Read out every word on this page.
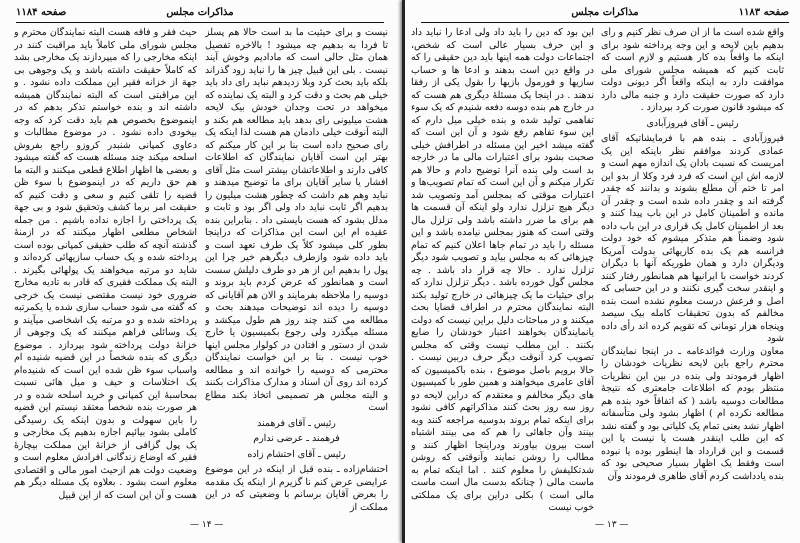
مذاکرات مجلس
صفحه ۱۱۸۴

نیست و برای حیثیت ما بد است حالا هم پسلز تا فردا به بدهیم چه میشود ! بالاخره تفصیل همان مثل حالی است که مادادیم وخوش آیند نیست . بلی این قبیل چیز ها را نباید زود گذراند بلکه باید بحث کرد وبلا زدیدهم نباید رای داد باید خیلی هم بحث و دقت کرد و البته یک نماینده که میخواهد در تحت وجدان خودش بیک لایحه هشت میلیونی رای بدهد باید مطالعه هم بکند و البته آنوقت خیلی دادمان هم هست لذا اینکه یک رای صحیح داده است بنا بر این کار میکنم که بهتر این است آقایان نمایندگان که اطلاعات کافی دارند و اطلاعاتشان بیشتر است مثل آقای افشار یا سایر آقایان برای ما توضیح میدهند و نباید وهم هم داشت که چطور هشت میلیون را بدهیم اگر ثابت نباید داد ولی اگر بود و ثابت و مدلل بشود که هست بایستی داد . بنابراین بنده عقیده ام این است این مذاکرات که دراینجا بطور کلی میشود کلاً یک طرف تعهد است و باید داده شود وازطرف دیگرهم خیر چرا این پول را بدهیم این از هر دو طرف دلیلش سست است و همانطور که عرض کردم باید بروند و دوسیه را ملاحظه بفرمایند و الان هم آقایانی که دوسیه را دیده اند توضیحات میدهند بحث و مطالعه می کنند چند روز هم طول میکشد و مسئله میگذرد ولی رجوع بکمیسیون یا خارج شدن از دستور و افتادن در کولوار مجلس اینها خوب نیست . بنا بر این خواست نمایندگان محترمی که دوسیه را خوانده اند و مطالعه کرده اند روی آن اسناد و مدارک مذاکرات بکنند و البته مجلس هر تصمیمی اتخاذ بکند مطاع است

رئیس ـ آقای فرهمند

فرهمند ـ عرضی ندارم

رئیس ـ آقای احتشام زاده

احتشام‌زاده ـ بنده قبل از اینکه در این موضوع عرایضی عرض کنم نا گزیرم از اینکه یک مقدمه را بعرض آقایان برسانم با وضعیتی که در این مملکت از

حیث فقر و فاقه هست البته نمایندگان محترم و مجلس شورای ملی کاملاً باید مراقبت کنند در اینکه مخارجی را که میپردازند یک مخارجی بشد که کاملاً حقیقت داشته باشد و یک وجوهی بی جهة از خزانه فقیر این مملکت داده نشود . و این مراقبتی است که البته نمایندگان همیشه داشته اند و بنده خواستم تذکر بدهم که در اینموضوع بخصوص هم باید دقت کرد که وجه بیخودی داده نشود . در موضوع مطالبات و دعاوی کمپانی شنبدر کروزو راجع بفروش اسلحه میکند چند مسئله هست که گفته میشود و بعضی ها اظهار اطلاع قطعی میکنند و البته ما هم حق داریم که در اینموضوع با سوء ظن قضیه را تلقی کنیم و سعی و دقت کنیم که حقیقت امر برما کشف وتحقیق شود و بی جهة یک پرداختی را اجازه نداده باشیم . من جمله اشخاص مطلعی اظهار میکنند که در ازمنهٔ گذشته آنچه که طلب حقیقی کمپانی بوده است پرداخته شده و یک حساب سازیهائی کرده‌اند و شاید دو مرتبه میخواهند یک پولهائی بگیرند . البته یک مملکت فقیری که قادر به تادیه مخارج ضروری خود نیست مقتضی نیست یک خرجی که گفته می شود حساب سازی شده یا یکمرتبه پرداخته شده و دو مرتبه یک اشخاصی میآیند و یک وسائلی فراهم میکنند که یک وجوهی از خزانهٔ دولت پرداخته شود بپردازد . موضوع دیگری که بنده شخصاً در این قضیه شنیده ام واسباب سوء ظن شده این است که شنیده‌ام یک اختلاسات و حیف و میل هائی نسبت بمحاسبهٔ این کمپانی و خرید اسلحه شده و در هر صورت بنده شخصاً معتقد نیستم این قضیه را باین سهولت و بدون اینکه یک رسیدگی کاملی بشود بیائیم اجازه بدهیم یک مخارجی و یک پول گزافی از خزانهٔ این مملکت بیچارهٔ فقیر که اوضاع زندگانی افرادش معلوم است و وضعیت دولت هم ازحیث امور مالی و اقتصادی معلوم است بشود . بعلاوه یک مسئله دیگر هم هست و آن این است که از این قبیل

— ۱۴ —
مذاکرات مجلس	صفحه ۱۱۸۳

واقع شده است ما از آن صرف نظر کنیم و رأی بدهیم باین لایحه و این وجه پرداخته شود برای اینکه ما واقعاً بده کار هستیم و لازم است که ثابت کنیم که همیشه مجلس شورای ملی موافقت دارد به اینکه واقعاً اگر دیونی دولت دارد که صورت حقیقت دارد و جنبه مالی دارد که میشود قانون صورت کرد بپردازد .

رئیس ـ آقای فیروزآبادی

فیروزآبادی ـ بنده هم با فرمایشاتیکه آقای عمادی کردند موافقم نظر باینکه این یک امریست که نسبت بادان یک اندازه مهم است و لازمه اش این است که فرد فرد وکلا از بدو این امر تا ختم آن مطلع بشوند و بدانند که چقدر گرفته اند و چقدر داده شده است و چقدر آن مانده و اطمینان کامل در این باب پیدا کنند و بعد از اطمینان کامل یک قراری در این باب داده شود وضمناً هم متذکر میشوم که خود دولت فرانسه هم یک بده کاریهائی بدولت آمریکا ودیگران دارد و همان طوریکه آنها با دیگران کردند خواست با ایرانیها هم همانطور رفتار کنند و اینقدر سخت گیری نکنند و در این حسابی که اصل و فرعش درست معلوم نشده است بنده مخالفم که بدون تحقیقات کامله بیک سیصد وپنجاه هزار تومانی که تقویم کرده اند رأی داده شود

معاون وزارت فوائدعامه ـ در اینجا نمایندگان محترم راجع باین لایحه نظریات خودشان را اظهار فرمودند ولی بنده در بین این نظریات منتظر بودم که اطلاعات جامعتری که نتیجهٔ مطالعات دوسیه باشد ( که اتفاقاً خود بنده هم مطالعه نکرده ام ) اظهار بشود ولی متأسفانه اظهار نشد یعنی تمام یک کلیاتی بود و گفته نشد که این طلب اینقدر هست یا نیست یا این قسمت و این قرارداد ها اینطور بوده یا نبوده است وفقط یک اظهار بسیار صحیحی بود که بنده یادداشت کردم آقای طاهری فرمودند وآن

این بود که دین را باید داد ولی ادعا را نباید داد و این حرف بسیار عالی است که شخص، اجتماعات دولت همه اینها باید دین حقیقی را که در واقع دین است بدهند و ادعا ها و حساب سازیها و فورمول بازیها را بقول یکی از رفقا ندهند . در اینجا یک مسئلهٔ دیگری هم هست که در خارج هم بنده دوسه دفعه شنیدم که یک سوء تفاهمی تولید شده و بنده خیلی میل دارم که این سوء تفاهم رفع شود و آن این است که گفته میشد اخیر این مسئله در اطرافش خیلی صحبت بشود برای اعتبارات مالی ما در خارجه بد است ولی بنده آنرا توضیح دادم و حالا هم تکرار میکنم و آن این است که تمام تصویب‌ها و اعتبارات موقتی که بمجلس آمد وتصویب شد دیگر هیچ تزلزل ندارد ولو اینکه آن قسمت ها هم برای ما ضرر داشته باشد ولی تزلزل مال وقتی است که هنوز بمجلس نیامده باشد و این مسئله را باید در تمام جاها اعلان کنیم که تمام چیزهائی که به مجلس بیاید و تصویب شود دیگر تزلزل ندارد . حالا چه قرار داد باشد . چه مجلس گول خورده باشد . دیگر تزلزل ندارد که برای حیثیات ما یک چیزهائی در خارج تولید بکند البته نمایندگان محترم در اطراف قضایا بحث میکنند و در مباحثات دلیل براین نیست که دولت یانمایندگان بخواهند اعتبار خودشان را ضایع بکنند . این مطلب نیست وقتی که مجلس تصویب کرد آنوقت دیگر حرف دربین نیست . حالا برویم باصل موضوع ، بنده باکمیسیون که آقای عامری میخواهند و همین طور با کمیسیون های دیگر مخالفم و معتقدم که دراین لایحه دو روز سه روز بحث کنند مذاکراتهم کافی نشود برای اینکه تمام بروند بدوسیه مراجعه کنند وبه بینند وآن جاهائی را هم که می بینند اشتباه است بیرون بیاورند ودراینجا اظهار کنند و مطالب را روشن نمایند وآنوقتی که روشن شدتکلیفش را معلوم کنند . اما اینکه تمام به ماست مالی ( چنانکه بدست مال است ماست مالی است ) بکلی دراین برای یک مملکتی خوب نیست

— ۱۳ —
